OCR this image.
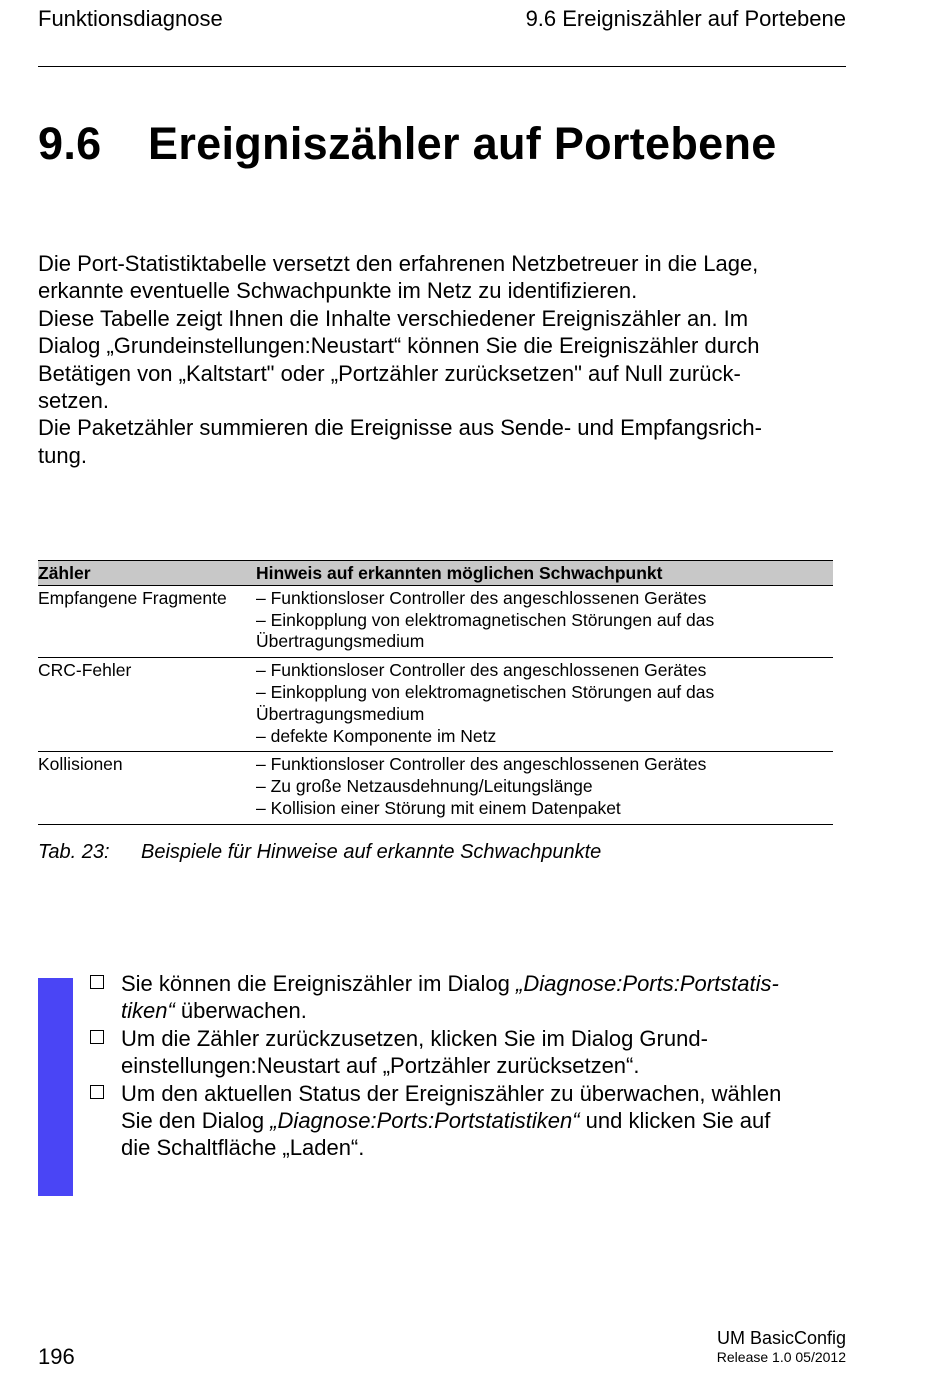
Funktionsdiagnose	9.6 Ereigniszähler auf Portebene
9.6 Ereigniszähler auf Portebene

Die Port-Statistiktabelle versetzt den erfahrenen Netzbetreuer in die Lage,

erkannte eventuelle Schwachpunkte im Netz zu identifizieren.

Diese Tabelle zeigt Ihnen die Inhalte verschiedener Ereigniszähler an. Im

Dialog „Grundeinstellungen:Neustart“ können Sie die Ereigniszähler durch

Betätigen von „Kaltstart" oder „Portzähler zurücksetzen" auf Null zurück-

setzen.

Die Paketzähler summieren die Ereignisse aus Sende- und Empfangsrich-

tung.

Zähler	Hinweis auf erkannten möglichen Schwachpunkt
Empfangene Fragmente	– Funktionsloser Controller des angeschlossenen Gerätes
– Einkopplung von elektromagnetischen Störungen auf das
Übertragungsmedium

CRC-Fehler	– Funktionsloser Controller des angeschlossenen Gerätes
– Einkopplung von elektromagnetischen Störungen auf das
Übertragungsmedium
– defekte Komponente im Netz

Kollisionen	– Funktionsloser Controller des angeschlossenen Gerätes
– Zu große Netzausdehnung/Leitungslänge
– Kollision einer Störung mit einem Datenpaket
Tab. 23: Beispiele für Hinweise auf erkannte Schwachpunkte
Sie können die Ereigniszähler im Dialog „Diagnose:Ports:Portstatis-
tiken“ überwachen.
Um die Zähler zurückzusetzen, klicken Sie im Dialog Grund-
einstellungen:Neustart auf „Portzähler zurücksetzen“.
Um den aktuellen Status der Ereigniszähler zu überwachen, wählen
Sie den Dialog „Diagnose:Ports:Portstatistiken“ und klicken Sie auf
die Schaltfläche „Laden“.
196
UM BasicConfig
Release 1.0 05/2012
